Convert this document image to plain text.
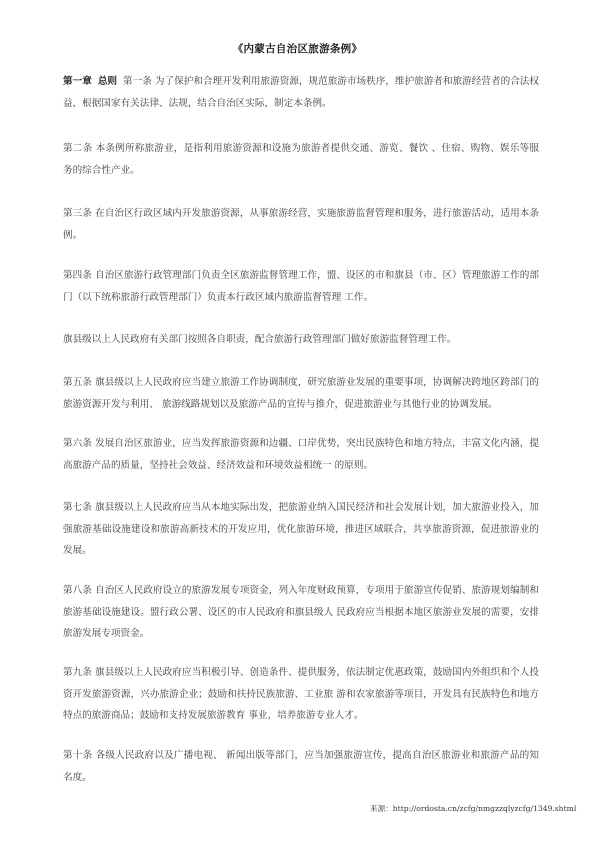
《内蒙古自治区旅游条例》
第一章 总则 第一条 为了保护和合理开发利用旅游资源，规范旅游市场秩序，维护旅游者和旅游经营者的合法权益，根据国家有关法律、法规，结合自治区实际，制定本条例。
第二条 本条例所称旅游业，是指利用旅游资源和设施为旅游者提供交通、游览、餐饮 、住宿、购物、娱乐等服务的综合性产业。
第三条 在自治区行政区域内开发旅游资源，从事旅游经营，实施旅游监督管理和服务，进行旅游活动，适用本条例。
第四条 自治区旅游行政管理部门负责全区旅游监督管理工作，盟、设区的市和旗县（市、区）管理旅游工作的部门（以下统称旅游行政管理部门）负责本行政区域内旅游监督管理 工作。
旗县级以上人民政府有关部门按照各自职责，配合旅游行政管理部门做好旅游监督管理工作。
第五条 旗县级以上人民政府应当建立旅游工作协调制度，研究旅游业发展的重要事项，协调解决跨地区跨部门的旅游资源开发与利用、 旅游线路规划以及旅游产品的宣传与推介，促进旅游业与其他行业的协调发展。
第六条 发展自治区旅游业，应当发挥旅游资源和边疆、口岸优势，突出民族特色和地方特点，丰富文化内涵，提高旅游产品的质量，坚持社会效益、经济效益和环境效益相统一 的原则。
第七条 旗县级以上人民政府应当从本地实际出发，把旅游业纳入国民经济和社会发展计划，加大旅游业投入，加强旅游基础设施建设和旅游高新技术的开发应用，优化旅游环境，推进区域联合，共享旅游资源，促进旅游业的发展。
第八条 自治区人民政府设立的旅游发展专项资金，列入年度财政预算，专项用于旅游宣传促销、旅游规划编制和旅游基础设施建设。盟行政公署、设区的市人民政府和旗县级人 民政府应当根据本地区旅游业发展的需要，安排旅游发展专项资金。
第九条 旗县级以上人民政府应当积极引导、创造条件、提供服务，依法制定优惠政策，鼓励国内外组织和个人投资开发旅游资源，兴办旅游企业；鼓励和扶持民族旅游、工业旅 游和农家旅游等项目，开发具有民族特色和地方特点的旅游商品；鼓励和支持发展旅游教育 事业，培养旅游专业人才。
第十条 各级人民政府以及广播电视、 新闻出版等部门，应当加强旅游宣传，提高自治区旅游业和旅游产品的知名度。
来源：http://ordosta.cn/zcfg/nmgzzqlyzcfg/1349.shtml
